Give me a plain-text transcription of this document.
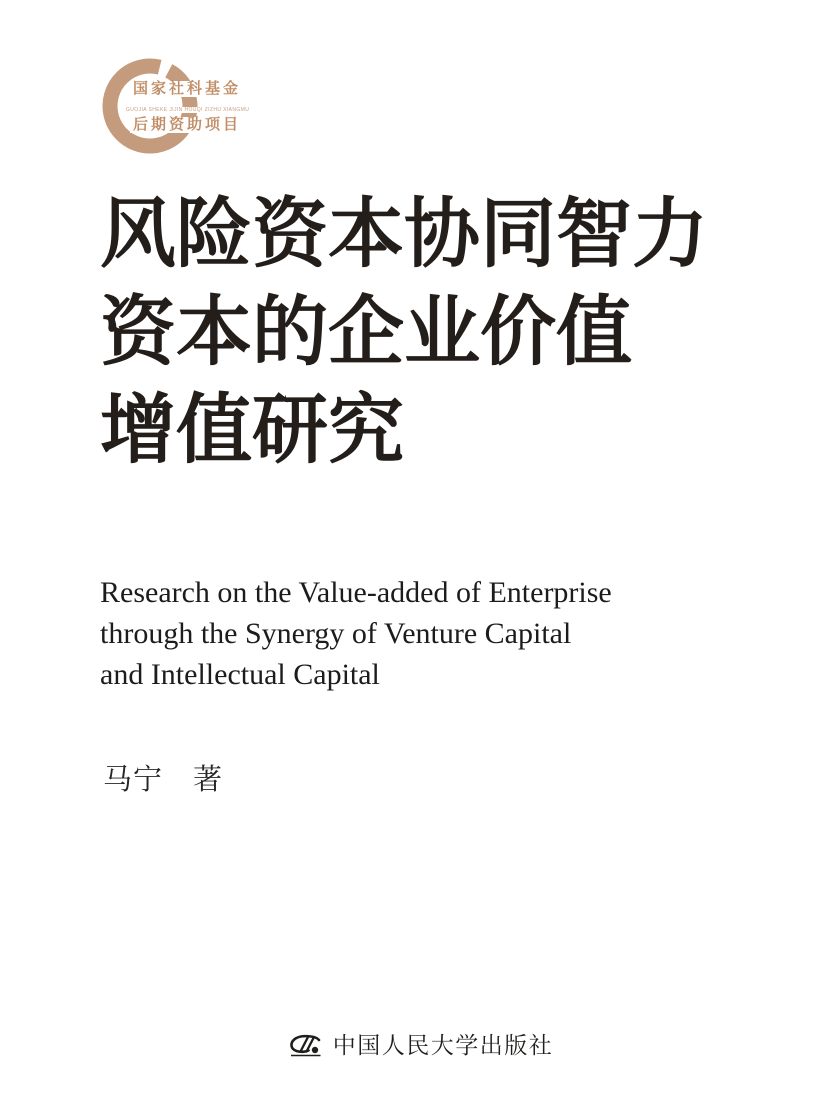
国家社科基金
GUOJIA SHEKE JIJIN HOUQI ZIZHU XIANGMU
后期资助项目
风险资本协同智力
资本的企业价值
增值研究
Research on the Value-added of Enterprise
through the Synergy of Venture Capital
and Intellectual Capital
马宁　著
中国人民大学出版社
